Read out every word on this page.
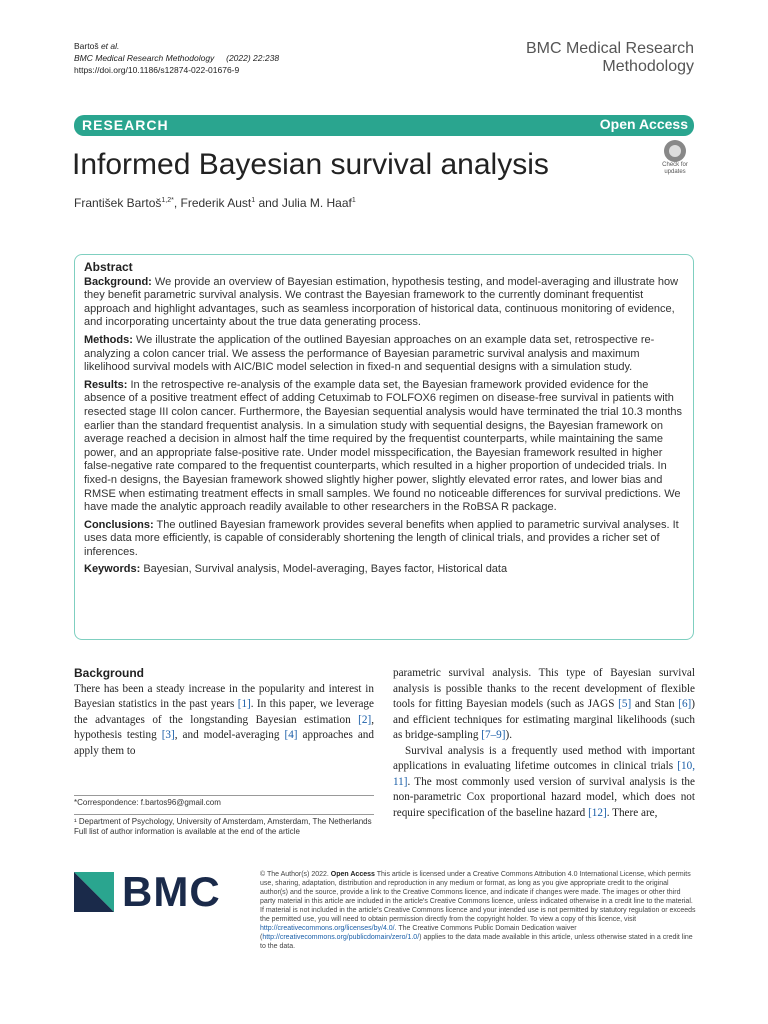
Bartoš et al.
BMC Medical Research Methodology (2022) 22:238
https://doi.org/10.1186/s12874-022-01676-9
BMC Medical Research
Methodology
RESEARCH	Open Access
Informed Bayesian survival analysis	Check for
updates
František Bartoš$^{1,2*}$, Frederik Aust$^1$ and Julia M. Haaf$^1$
Abstract

Background: We provide an overview of Bayesian estimation, hypothesis testing, and model-averaging and illustrate how they benefit parametric survival analysis. We contrast the Bayesian framework to the currently dominant frequentist approach and highlight advantages, such as seamless incorporation of historical data, continuous monitoring of evidence, and incorporating uncertainty about the true data generating process.

Methods: We illustrate the application of the outlined Bayesian approaches on an example data set, retrospective re-analyzing a colon cancer trial. We assess the performance of Bayesian parametric survival analysis and maximum likelihood survival models with AIC/BIC model selection in fixed-n and sequential designs with a simulation study.

Results: In the retrospective re-analysis of the example data set, the Bayesian framework provided evidence for the absence of a positive treatment effect of adding Cetuximab to FOLFOX6 regimen on disease-free survival in patients with resected stage III colon cancer. Furthermore, the Bayesian sequential analysis would have terminated the trial 10.3 months earlier than the standard frequentist analysis. In a simulation study with sequential designs, the Bayesian framework on average reached a decision in almost half the time required by the frequentist counterparts, while maintaining the same power, and an appropriate false-positive rate. Under model misspecification, the Bayesian framework resulted in higher false-negative rate compared to the frequentist counterparts, which resulted in a higher proportion of undecided trials. In fixed-n designs, the Bayesian framework showed slightly higher power, slightly elevated error rates, and lower bias and RMSE when estimating treatment effects in small samples. We found no noticeable differences for survival predictions. We have made the analytic approach readily available to other researchers in the RoBSA R package.

Conclusions: The outlined Bayesian framework provides several benefits when applied to parametric survival analyses. It uses data more efficiently, is capable of considerably shortening the length of clinical trials, and provides a richer set of inferences.

Keywords: Bayesian, Survival analysis, Model-averaging, Bayes factor, Historical data

Background

There has been a steady increase in the popularity and interest in Bayesian statistics in the past years [1]. In this paper, we leverage the advantages of the longstanding Bayesian estimation [2], hypothesis testing [3], and model-averaging [4] approaches and apply them to

*Correspondence: f.bartos96@gmail.com
¹ Department of Psychology, University of Amsterdam, Amsterdam, The Netherlands
Full list of author information is available at the end of the article

parametric survival analysis. This type of Bayesian survival analysis is possible thanks to the recent development of flexible tools for fitting Bayesian models (such as JAGS [5] and Stan [6]) and efficient techniques for estimating marginal likelihoods (such as bridge-sampling [7–9]).

Survival analysis is a frequently used method with important applications in evaluating lifetime outcomes in clinical trials [10, 11]. The most commonly used version of survival analysis is the non-parametric Cox proportional hazard model, which does not require specification of the baseline hazard [12]. There are,

BMC	© The Author(s) 2022. Open Access This article is licensed under a Creative Commons Attribution 4.0 International License, which permits use, sharing, adaptation, distribution and reproduction in any medium or format, as long as you give appropriate credit to the original author(s) and the source, provide a link to the Creative Commons licence, and indicate if changes were made. The images or other third party material in this article are included in the article's Creative Commons licence, unless indicated otherwise in a credit line to the material. If material is not included in the article's Creative Commons licence and your intended use is not permitted by statutory regulation or exceeds the permitted use, you will need to obtain permission directly from the copyright holder. To view a copy of this licence, visit http://creativecommons.org/licenses/by/4.0/. The Creative Commons Public Domain Dedication waiver (http://creativecommons.org/publicdomain/zero/1.0/) applies to the data made available in this article, unless otherwise stated in a credit line to the data.
